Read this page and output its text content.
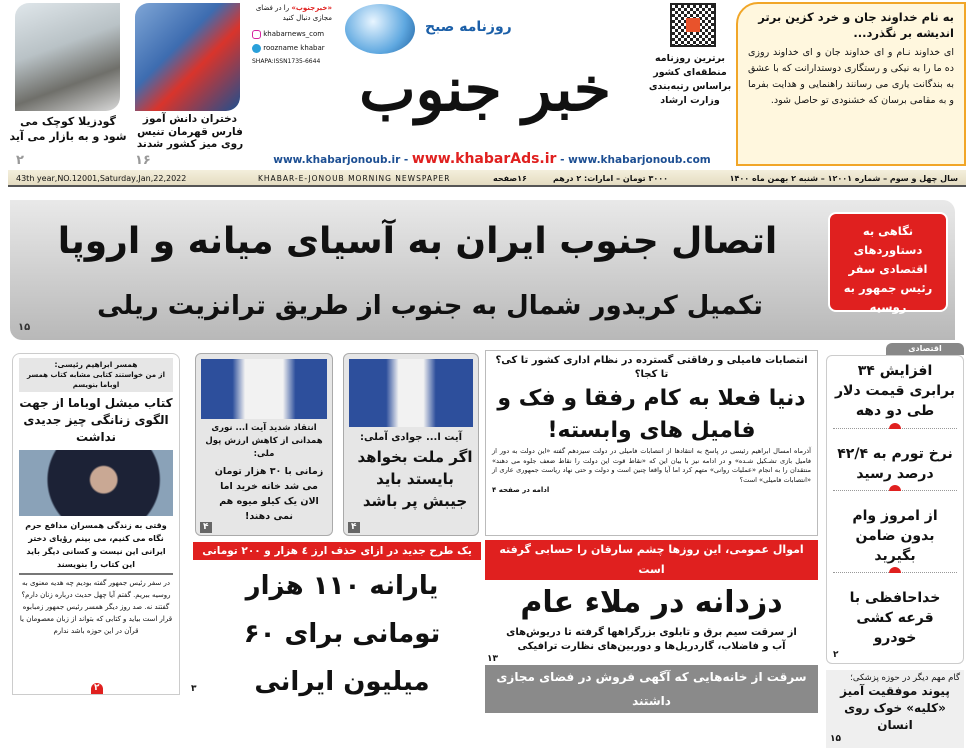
گودزیلا کوچک می شود و به بازار می آید
۲
دختران دانش آموز فارس قهرمان تنیس روی میز کشور شدند
۱۶
«خبرجنوب» را در فضای مجازی دنبال کنید
khabarnews_com
roozname khabar
SHAPA:ISSN1735-6644
روزنامه صبح
خبر جنوب	برترین روزنامه منطقه‌ای کشور براساس رتبه‌بندی وزارت ارشاد
به نام خداوند جان و خرد کزین برتر اندیشه بر نگذرد...
ای خداوند نـام و ای خداوند جان و ای خداوند روزی ده ما را به نیکی و رستگاری دوستدارانت که با عشق به بندگانت یاری می رسانند راهنمایی و هدایت بفرما و به مقامی برسان که خشنودی تو حاصل شود.
www.khabarjonoub.ir - www.khabarAds.ir - www.khabarjonoub.com
43th year,NO.12001,Saturday,Jan,22,2022	KHABAR-E-JONOUB MORNING NEWSPAPER	۱۶صفحه	۳۰۰۰ تومان – امارات: ۲ درهم	سال چهل و سوم – شماره ۱۲۰۰۱ – شنبه ۲ بهمن ماه ۱۴۰۰
اتصال جنوب ایران به آسیای میانه و اروپا
تکمیل کریدور شمال به جنوب از طریق ترانزیت ریلی
۱۵
نگاهی به دستاوردهای اقتصادی سفر رئیس جمهور به روسیه
اقتصادی
افزایش ۳۴ برابری قیمت دلار طی دو دهه
نرخ تورم به ۴۲/۴ درصد رسید
از امروز وام بدون ضامن بگیرید
خداحافظی با قرعه کشی خودرو
۲
گام مهم دیگر در حوزه پزشکی؛
پیوند موفقیت آمیز «کلیه» خوک روی انسان
۱۵
انتصابات فامیلی و رفاقتی گسترده در نظام اداری کشور تا کی؟ تا کجا؟
دنیا فعلا به کام رفقا و فک و فامیل های وابسته!
آذرماه امسال ابراهیم رئیسی در پاسخ به انتقادها از انتصابات فامیلی در دولت سیزدهم گفته «این دولت به دور از فامیل بازی تشـکیل شـده» و در ادامه نیز با بیان این که «نقاط قوت این دولت را نقاط ضعف جلوه می دهند» منتقدان را به انجام «عملیات روانی» متهم کرد اما آیا واقعا چنین است و دولت و حتی نهاد ریاست جمهوری عاری از «انتصابات فامیلی» است؟
ادامه در صفحه ۴
اموال عمومی، این روزها چشم سارقان را حسابی گرفته است
دزدانه در ملاء عام
از سرقت سیم برق و تابلوی بزرگراهها گرفته تا دریوش‌های آب و فاضلاب، گاردریل‌ها و دوربین‌های نظارت ترافیکی
۱۳
سرقت از خانه‌هایی که آگهی فروش در فضای مجازی داشتند
آیت ا... جوادی آملی:
اگر ملت بخواهد بایستد باید جیبش پر باشد
۴
انتقاد شدید آیت ا... نوری همدانی از کاهش ارزش پول ملی:
زمانی با ۳۰ هزار تومان می شد خانه خرید اما الان یک کیلو میوه هم نمی دهند!
۴
یک طرح جدید در ازای حذف ارز ٤ هزار و ۲۰۰ تومانی
یارانه ۱۱۰ هزار تومانی برای ۶۰ میلیون ایرانی
۳
همسر ابراهیم رئیسی:
از من خواستند کتابی مشابه کتاب همسر اوباما بنویسم
کتاب میشل اوباما از جهت الگوی زنانگی چیز جدیدی نداشت
وقتی به زندگی همسران مدافع حرم نگاه می کنیم، می بینم رؤیای دختر ایرانی این نیست و کسانی دیگر باید این کتاب را بنویسند
در سفر رئیس جمهور گفته بودیم چه هدیه معنوی به روسیه ببریم. گفتم آیا چهل حدیث درباره زنان دارم؟ گفتند نه. صد روز دیگر همسر رئیس جمهور زمبابوه قرار است بیاید و کتابی که بتواند از زبان معصومان یا قرآن در این حوزه باشد ندارم
۲
